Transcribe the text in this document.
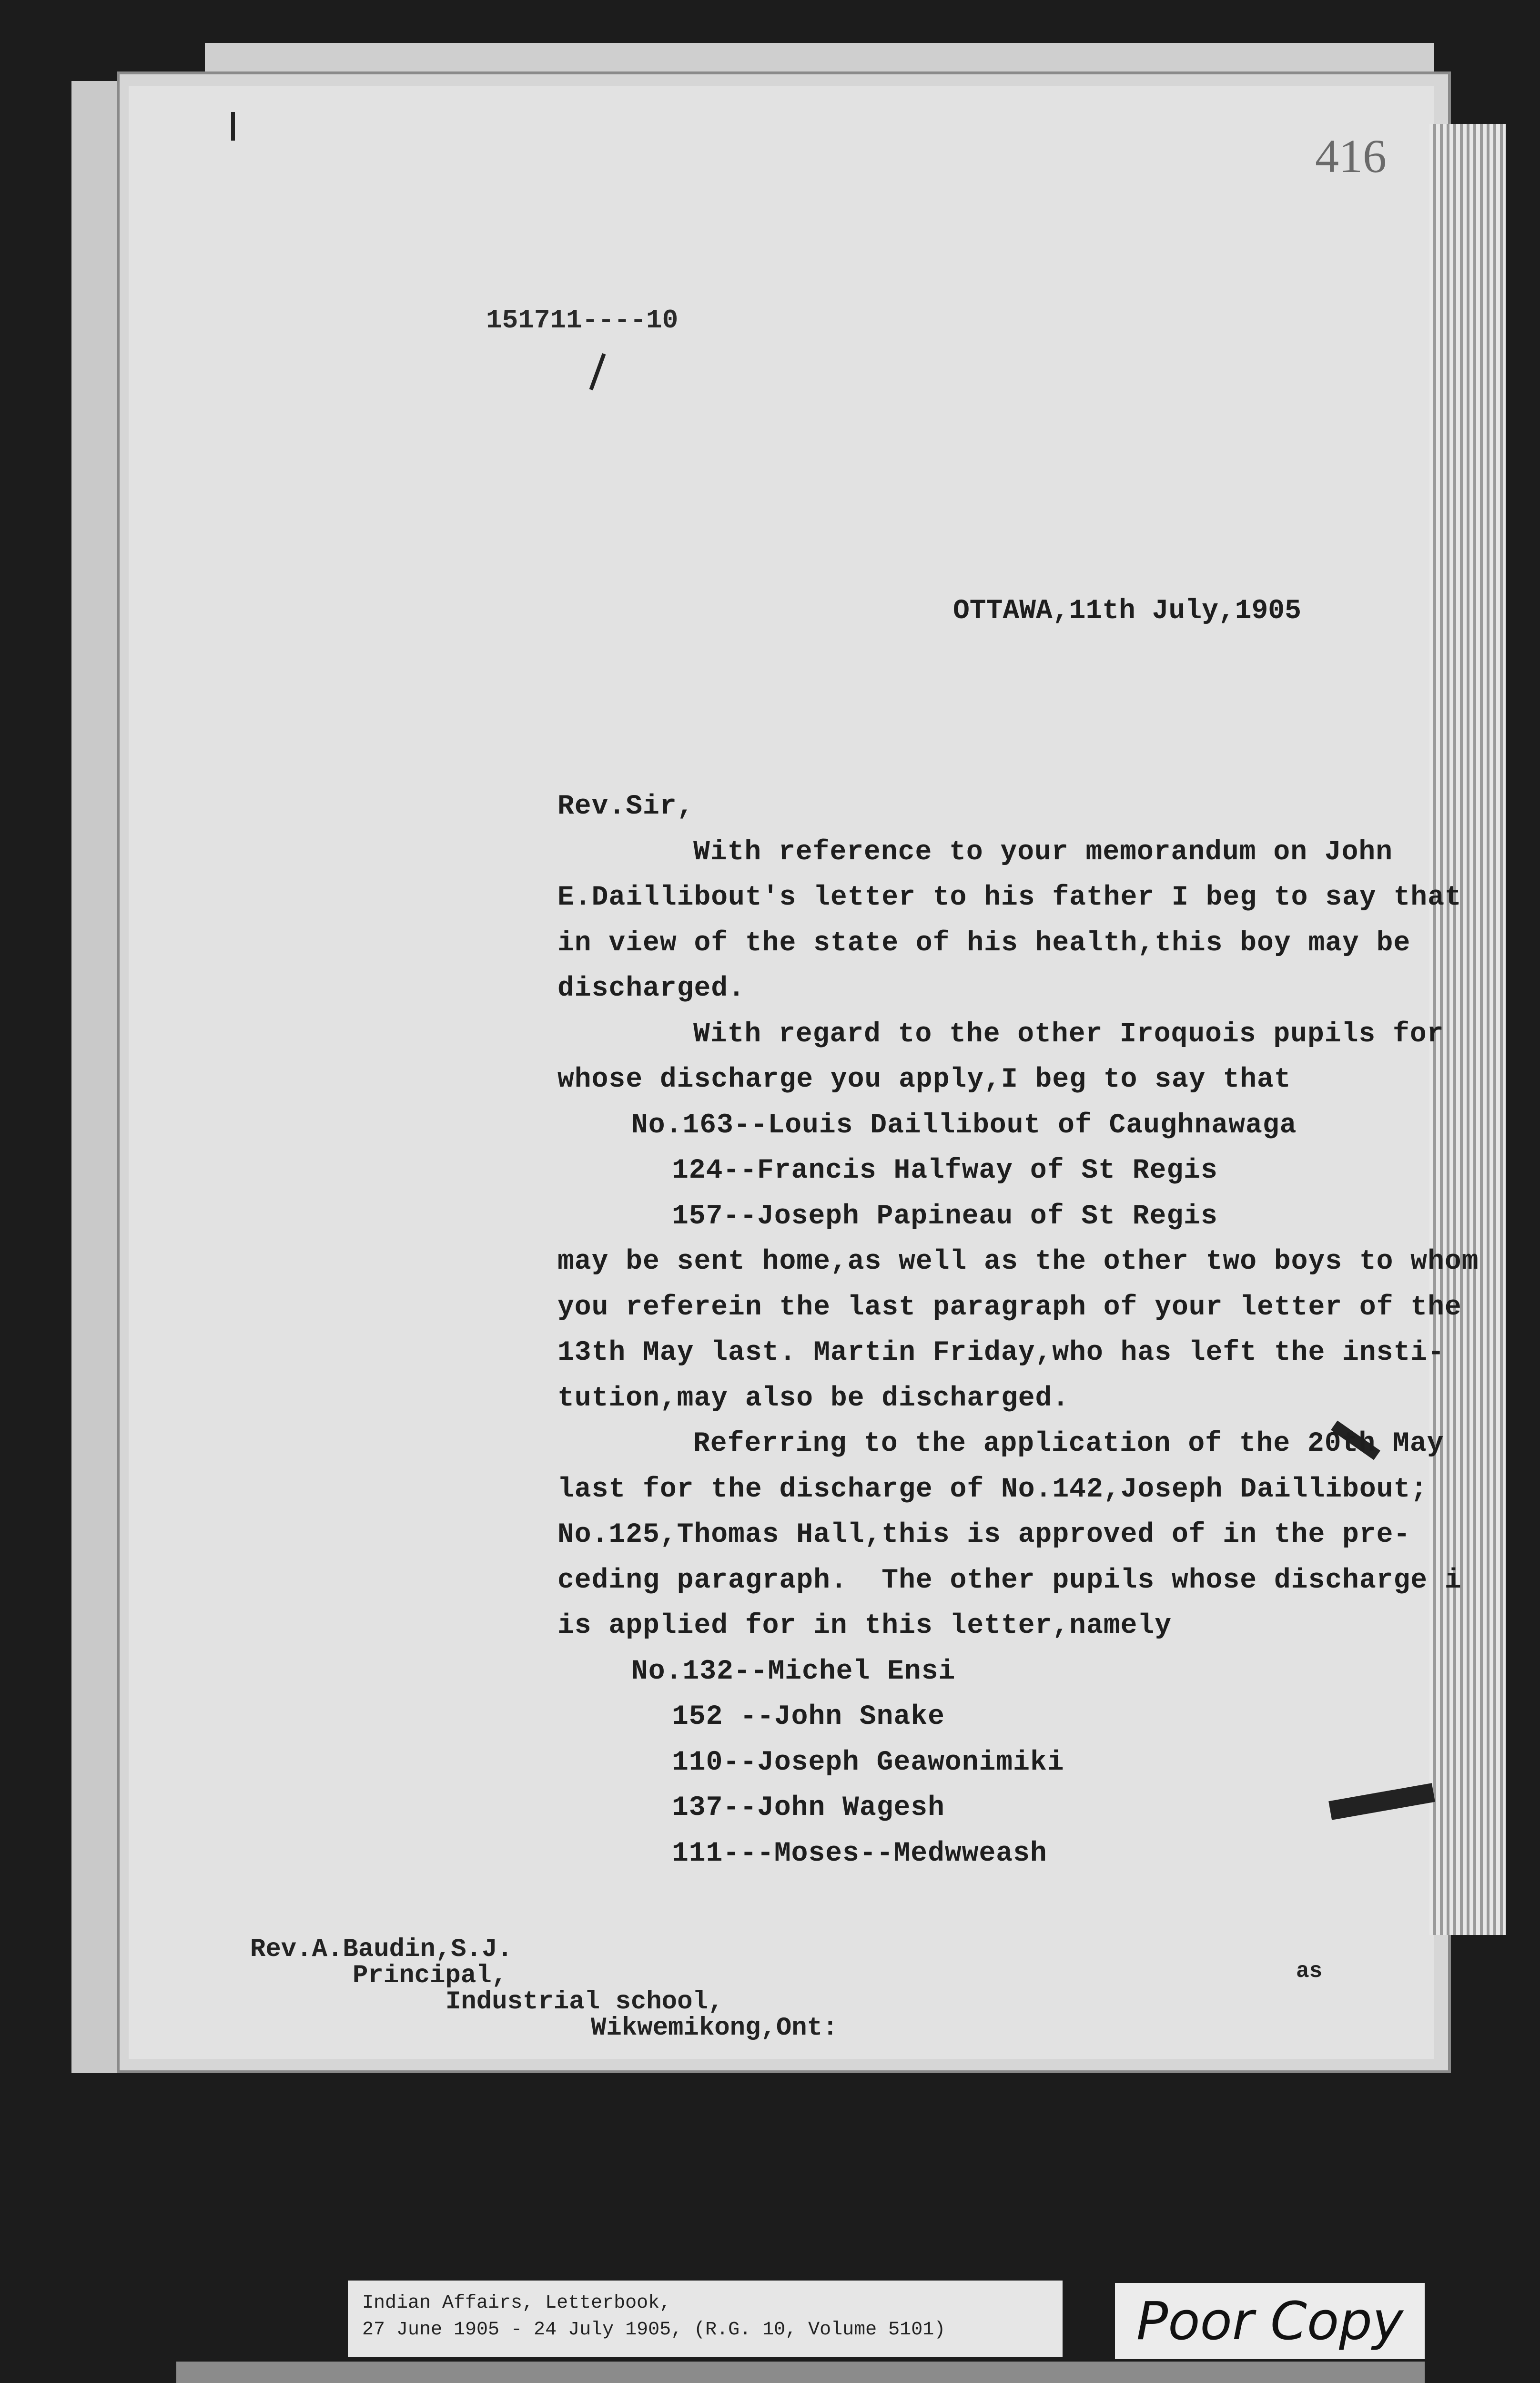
416
151711----10
OTTAWA,11th July,1905
Rev.Sir,
With reference to your memorandum on John
E.Daillibout's letter to his father I beg to say that
in view of the state of his health,this boy may be
discharged.
With regard to the other Iroquois pupils for
whose discharge you apply,I beg to say that
No.163--Louis Daillibout of Caughnawaga
124--Francis Halfway of St Regis
157--Joseph Papineau of St Regis
may be sent home,as well as the other two boys to whom
you referein the last paragraph of your letter of the
13th May last. Martin Friday,who has left the insti-
tution,may also be discharged.
Referring to the application of the 20th May
last for the discharge of No.142,Joseph Daillibout;
No.125,Thomas Hall,this is approved of in the pre-
ceding paragraph.  The other pupils whose discharge i
is applied for in this letter,namely
No.132--Michel Ensi
152 --John Snake
110--Joseph Geawonimiki
137--John Wagesh
111---Moses--Medwweash
Rev.A.Baudin,S.J.
Principal,
Industrial school,
Wikwemikong,Ont:
as
Indian Affairs, Letterbook,
27 June 1905 - 24 July 1905, (R.G. 10, Volume 5101)	Poor Copy
